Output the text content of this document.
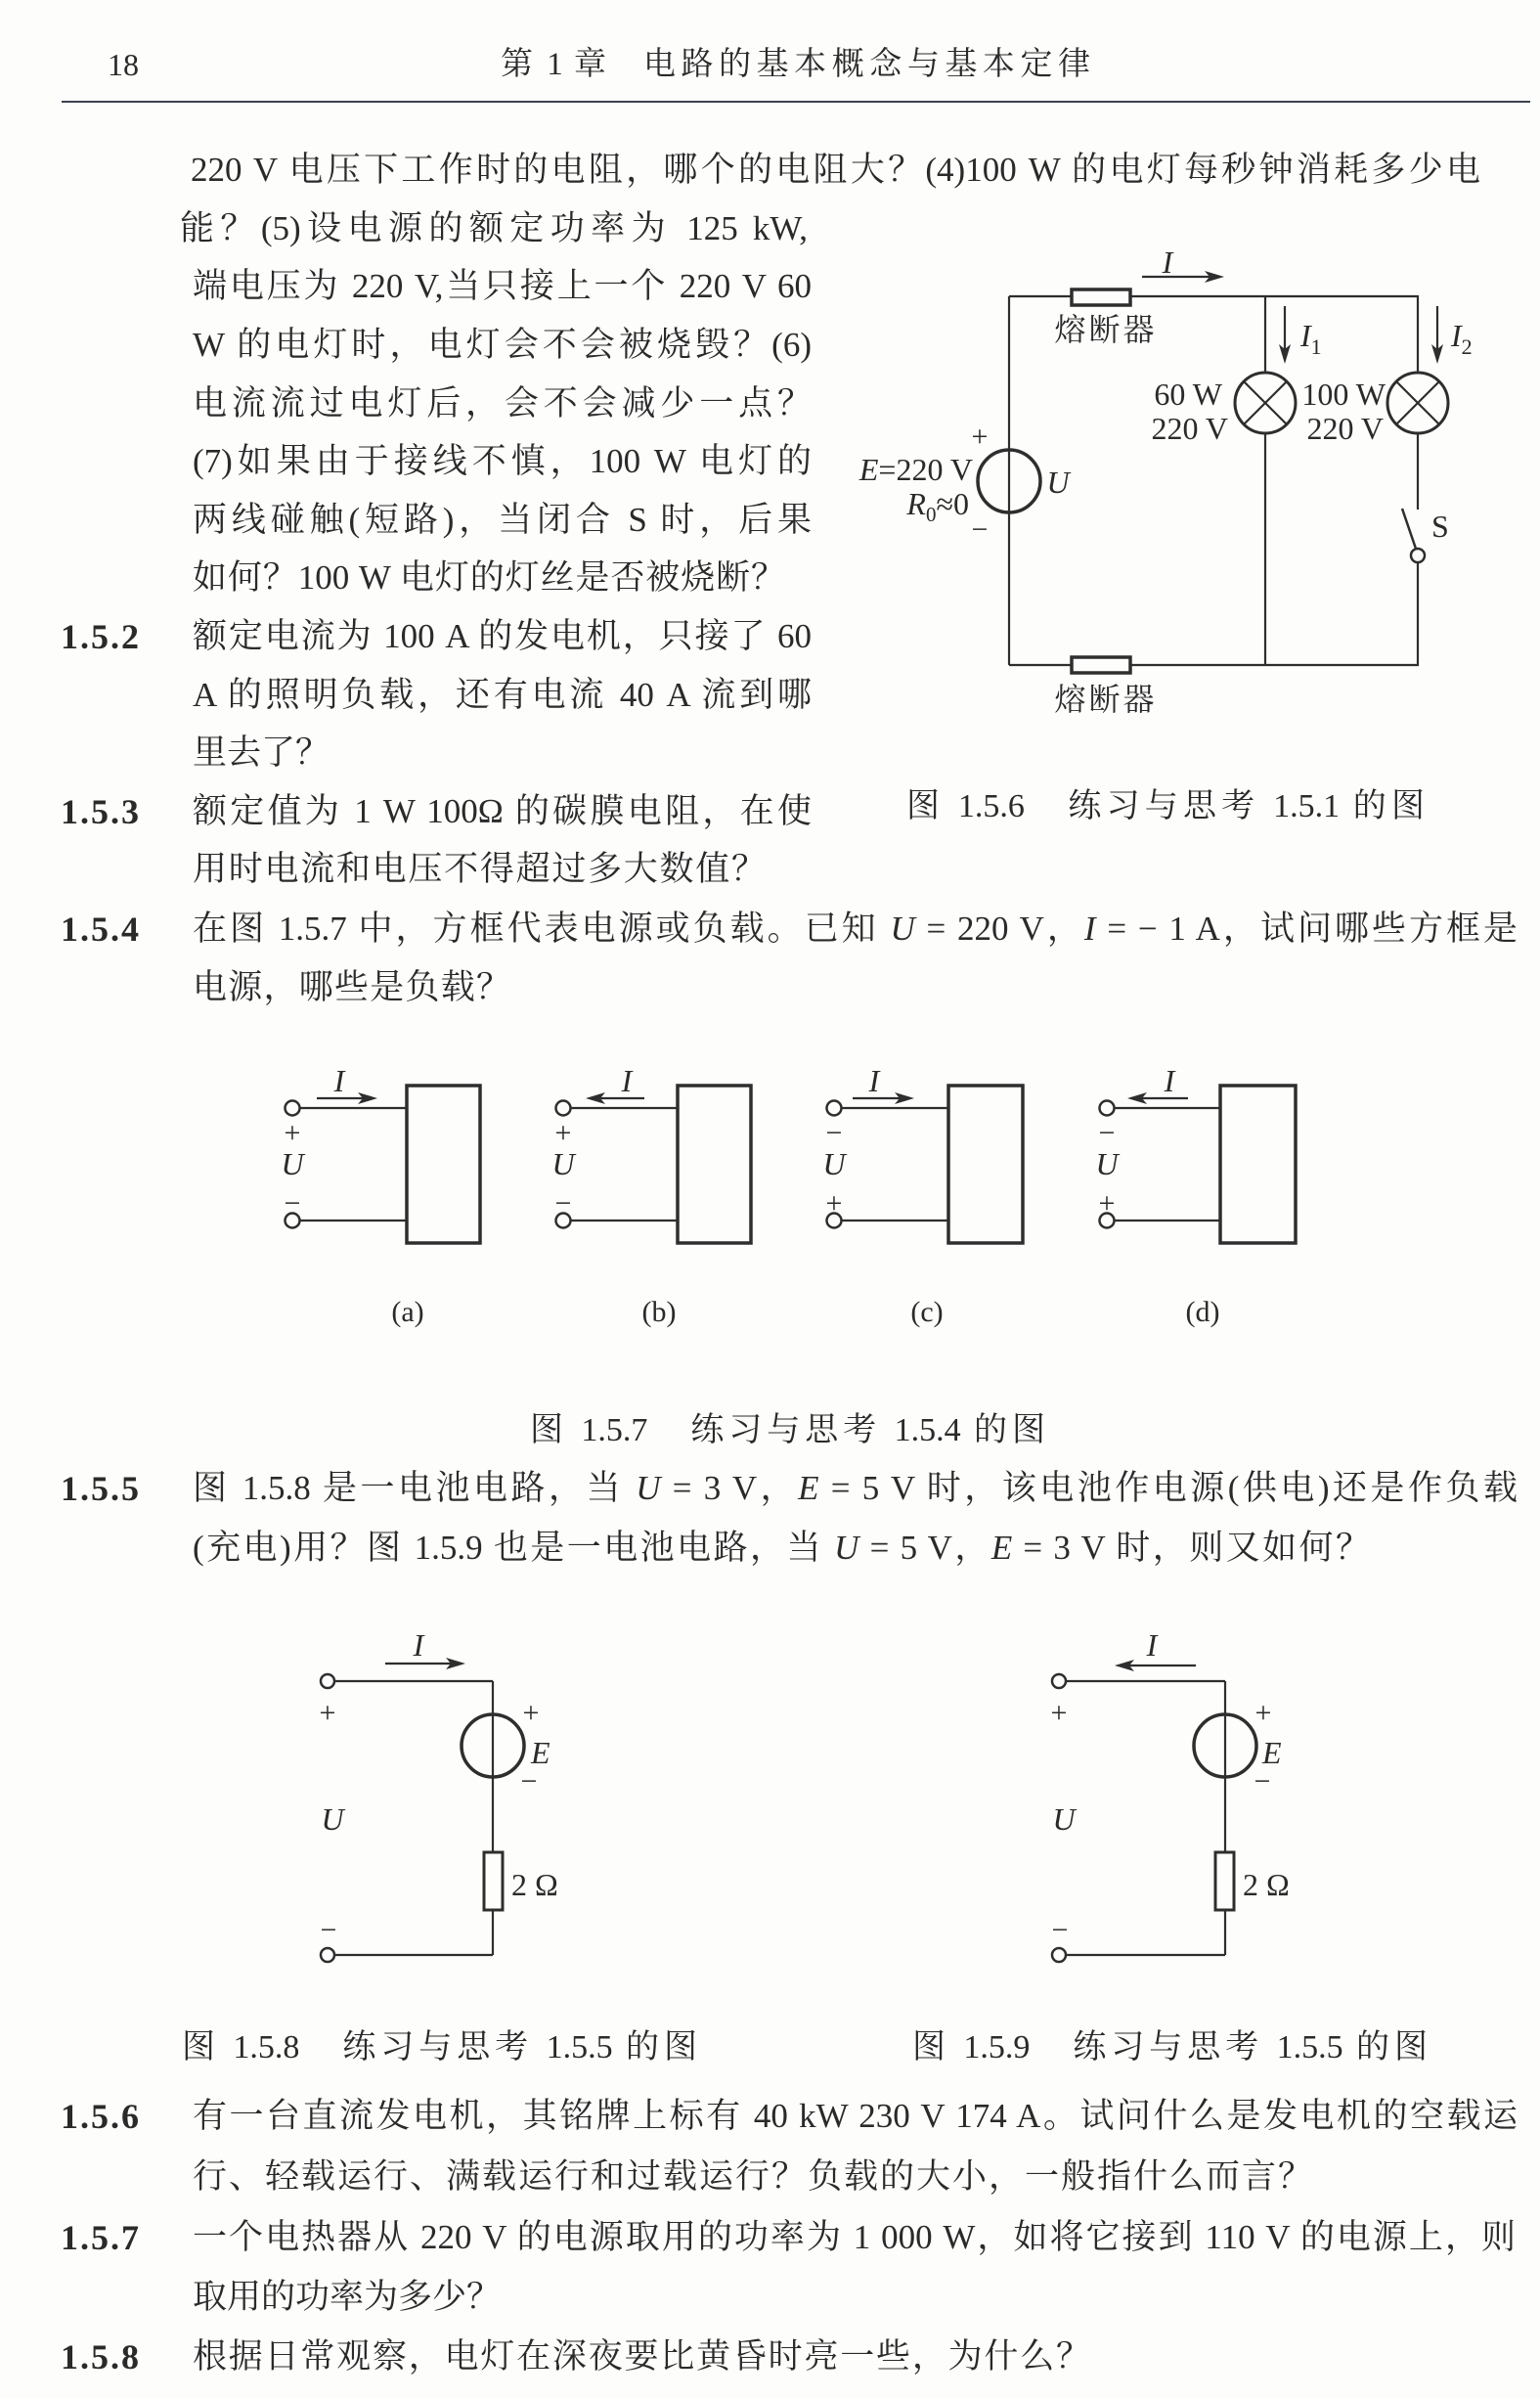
18	第 1 章 电路的基本概念与基本定律
220 V 电压下工作时的电阻，哪个的电阻大？(4)100 W 的电灯每秒钟消耗多少电
能？(5)设电源的额定功率为 125 kW,
端电压为 220 V,当只接上一个 220 V 60
W 的电灯时，电灯会不会被烧毁？(6)
电流流过电灯后，会不会减少一点？
(7)如果由于接线不慎，100 W 电灯的
两线碰触(短路)，当闭合 S 时，后果
如何？100 W 电灯的灯丝是否被烧断？
1.5.2 额定电流为 100 A 的发电机，只接了 60
A 的照明负载，还有电流 40 A 流到哪
里去了？
1.5.3 额定值为 1 W 100Ω 的碳膜电阻，在使
用时电流和电压不得超过多大数值？
1.5.4 在图 1.5.7 中，方框代表电源或负载。已知 U = 220 V，I = − 1 A，试问哪些方框是
电源，哪些是负载？
I
熔断器
熔断器
+
−
E=220 V
$R_0\approx 0$
U
$I_1$
60 W
220 V
$I_2$
100 W
220 V
S
图 1.5.6　练习与思考 1.5.1 的图
I
+
U
−
(a)
I
+
U
−
(b)
I
−
U
+
(c)
I
−
U
+
(d)
图 1.5.7　练习与思考 1.5.4 的图
1.5.5 图 1.5.8 是一电池电路，当 U = 3 V，E = 5 V 时，该电池作电源(供电)还是作负载
(充电)用？图 1.5.9 也是一电池电路，当 U = 5 V，E = 3 V 时，则又如何？
I
+
U
−
+
E
−
2 Ω
图 1.5.8　练习与思考 1.5.5 的图
I
+
U
−
+
E
−
2 Ω
图 1.5.9　练习与思考 1.5.5 的图
1.5.6 有一台直流发电机，其铭牌上标有 40 kW 230 V 174 A。试问什么是发电机的空载运
行、轻载运行、满载运行和过载运行？负载的大小，一般指什么而言？
1.5.7 一个电热器从 220 V 的电源取用的功率为 1 000 W，如将它接到 110 V 的电源上，则
取用的功率为多少？
1.5.8 根据日常观察，电灯在深夜要比黄昏时亮一些，为什么？
